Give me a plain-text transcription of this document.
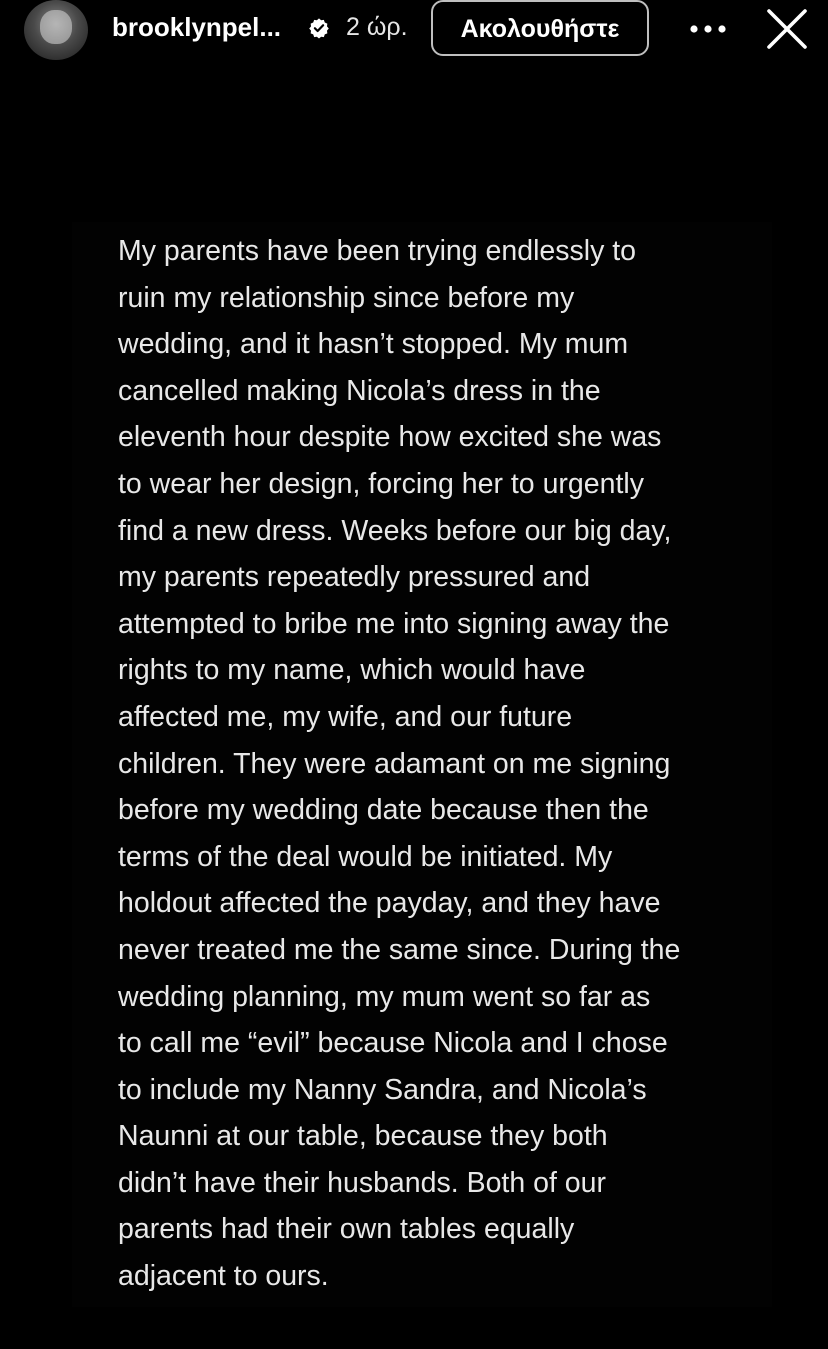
brooklynpel...	2 ώρ.	Ακολουθήστε
My parents have been trying endlessly to
ruin my relationship since before my
wedding, and it hasn’t stopped. My mum
cancelled making Nicola’s dress in the
eleventh hour despite how excited she was
to wear her design, forcing her to urgently
find a new dress. Weeks before our big day,
my parents repeatedly pressured and
attempted to bribe me into signing away the
rights to my name, which would have
affected me, my wife, and our future
children. They were adamant on me signing
before my wedding date because then the
terms of the deal would be initiated. My
holdout affected the payday, and they have
never treated me the same since. During the
wedding planning, my mum went so far as
to call me “evil” because Nicola and I chose
to include my Nanny Sandra, and Nicola’s
Naunni at our table, because they both
didn’t have their husbands. Both of our
parents had their own tables equally
adjacent to ours.
